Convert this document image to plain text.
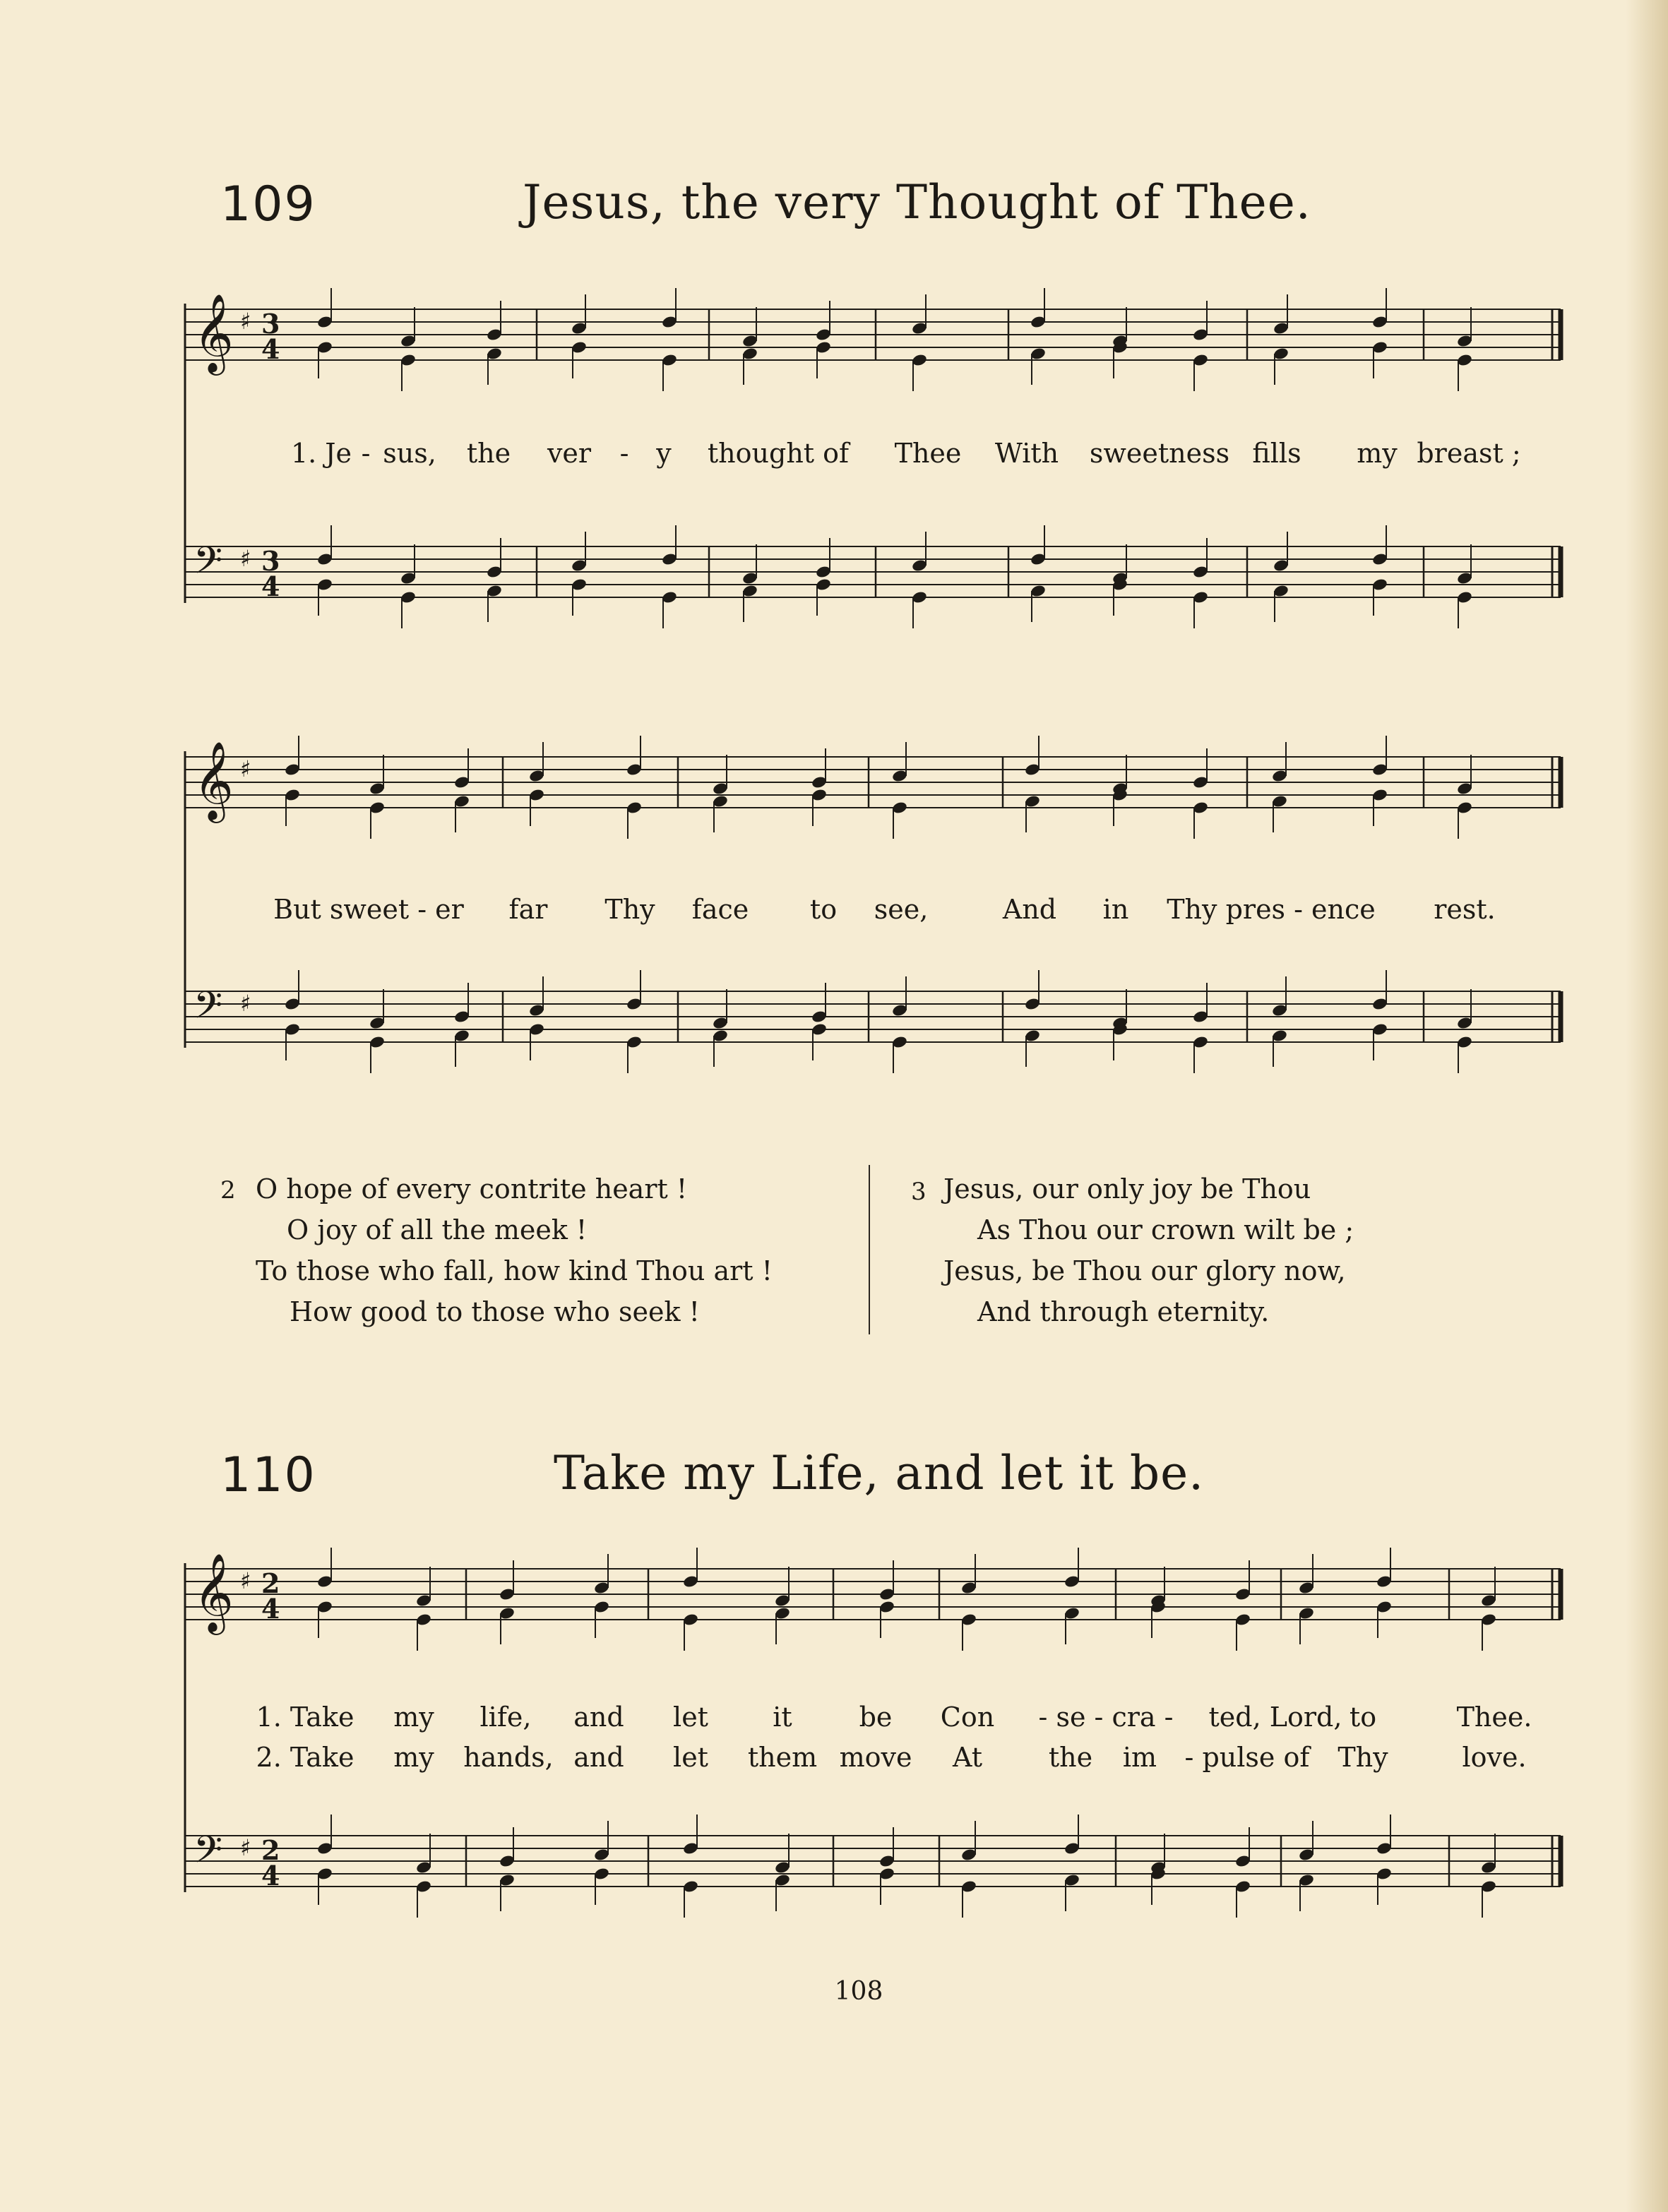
109	Jesus, the very Thought of Thee.
𝄞 ♯ 3
4
𝄢 ♯ 3
4
𝄞 ♯ 2
4
𝄢 ♯ 2
4
𝄞 ♯
𝄢 ♯
1. Je - sus, the ver - y thought of Thee With sweetness fills my breast ;
But sweet - er far Thy face to see,	And in Thy pres - ence rest.
2 O hope of every contrite heart !
O joy of all the meek !
To those who fall, how kind Thou art !
How good to those who seek !
3 Jesus, our only joy be Thou
As Thou our crown wilt be ;
Jesus, be Thou our glory now,
And through eternity.
110	Take my Life, and let it be.
1. Take my life, and let it be Con - se - cra - ted, Lord, to	Thee.
2. Take my hands, and let them move At the im - pulse of Thy	love.
108
